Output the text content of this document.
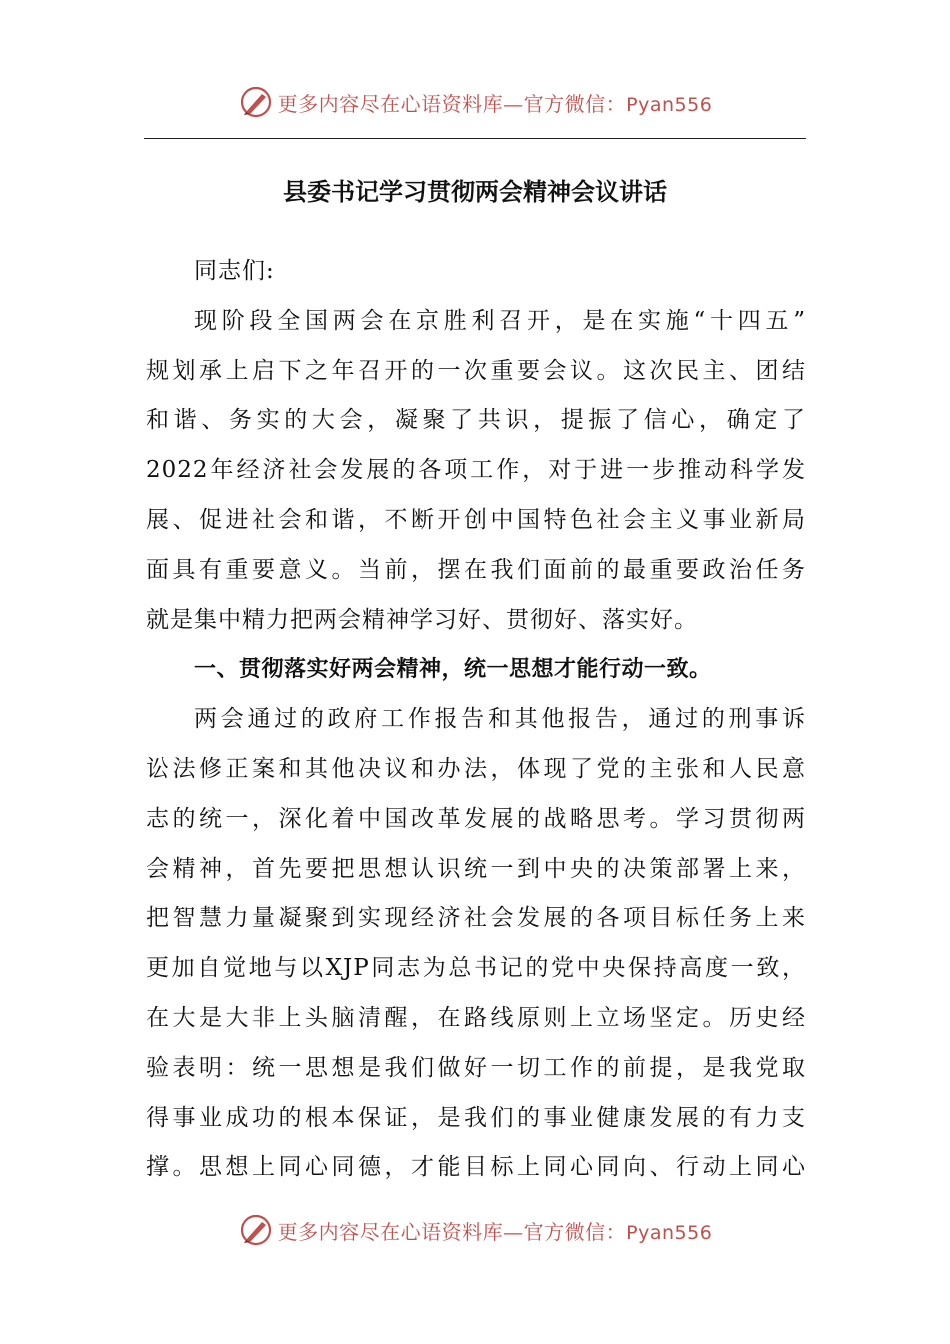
更多内容尽在心语资料库—官方微信：Pyan556
县委书记学习贯彻两会精神会议讲话
同志们:
现阶段全国两会在京胜利召开，是在实施“十四五”
规划承上启下之年召开的一次重要会议。这次民主、团结
和谐、务实的大会，凝聚了共识，提振了信心，确定了
2022年经济社会发展的各项工作，对于进一步推动科学发
展、促进社会和谐，不断开创中国特色社会主义事业新局
面具有重要意义。当前，摆在我们面前的最重要政治任务
就是集中精力把两会精神学习好、贯彻好、落实好。
一、贯彻落实好两会精神，统一思想才能行动一致。
两会通过的政府工作报告和其他报告，通过的刑事诉
讼法修正案和其他决议和办法，体现了党的主张和人民意
志的统一，深化着中国改革发展的战略思考。学习贯彻两
会精神，首先要把思想认识统一到中央的决策部署上来，
把智慧力量凝聚到实现经济社会发展的各项目标任务上来
更加自觉地与以XJP同志为总书记的党中央保持高度一致，
在大是大非上头脑清醒，在路线原则上立场坚定。历史经
验表明：统一思想是我们做好一切工作的前提，是我党取
得事业成功的根本保证，是我们的事业健康发展的有力支
撑。思想上同心同德，才能目标上同心同向、行动上同心
更多内容尽在心语资料库—官方微信：Pyan556
